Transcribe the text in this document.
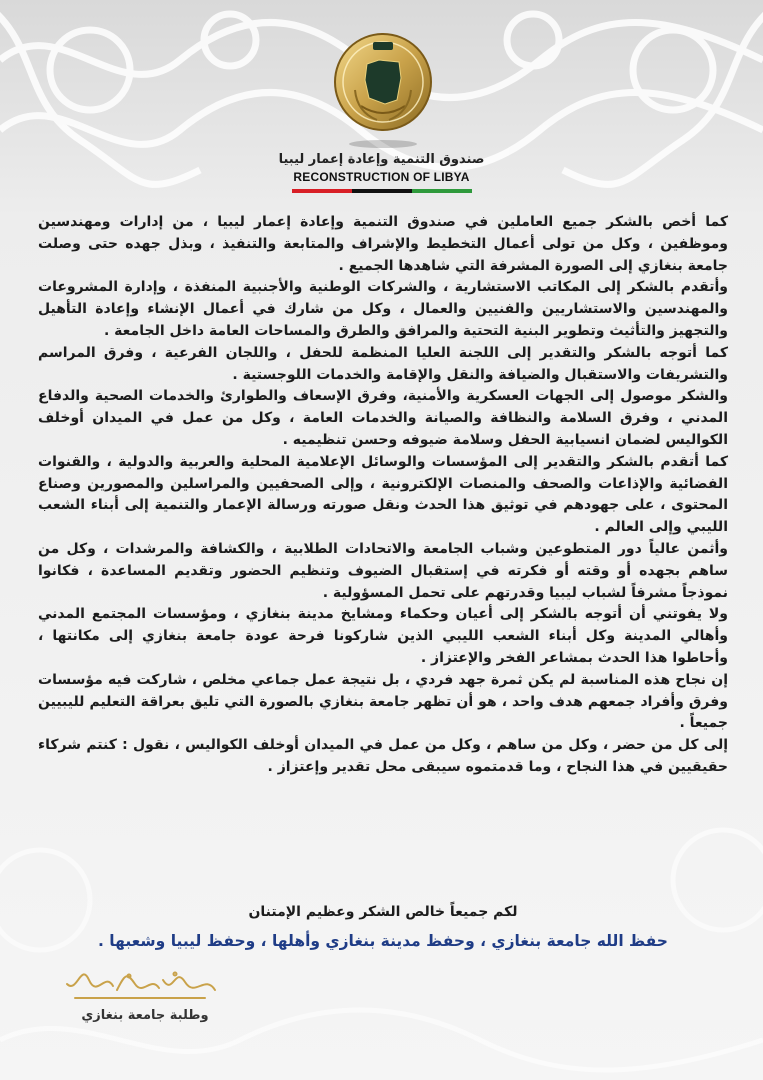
صندوق التنمية وإعادة إعمار ليبيا
RECONSTRUCTION OF LIBYA

كما أخص بالشكر جميع العاملين في صندوق التنمية وإعادة إعمار ليبيا ، من إدارات ومهندسين وموظفين ، وكل من تولى أعمال التخطيط والإشراف والمتابعة والتنفيذ ، وبذل جهده حتى وصلت جامعة بنغازي إلى الصورة المشرفة التي شاهدها الجميع .

وأتقدم بالشكر إلى المكاتب الاستشارية ، والشركات الوطنية والأجنبية المنفذة ، وإدارة المشروعات والمهندسين والاستشاريين والفنيين والعمال ، وكل من شارك في أعمال الإنشاء وإعادة التأهيل والتجهيز والتأثيث وتطوير البنية التحتية والمرافق والطرق والمساحات العامة داخل الجامعة .

كما أتوجه بالشكر والتقدير إلى اللجنة العليا المنظمة للحفل ، واللجان الفرعية ، وفرق المراسم والتشريفات والاستقبال والضيافة والنقل والإقامة والخدمات اللوجستية .

والشكر موصول إلى الجهات العسكرية والأمنية، وفرق الإسعاف والطوارئ والخدمات الصحية والدفاع المدني ، وفرق السلامة والنظافة والصيانة والخدمات العامة ، وكل من عمل في الميدان أوخلف الكواليس لضمان انسيابية الحفل وسلامة ضيوفه وحسن تنظيميه .

كما أتقدم بالشكر والتقدير إلى المؤسسات والوسائل الإعلامية المحلية والعربية والدولية ، والقنوات الفضائية والإذاعات والصحف والمنصات الإلكترونية ، وإلى الصحفيين والمراسلين والمصورين وصناع المحتوى ، على جهودهم في توثيق هذا الحدث ونقل صورته ورسالة الإعمار والتنمية إلى أبناء الشعب الليبي وإلى العالم .

وأثمن عالياً دور المتطوعين وشباب الجامعة والاتحادات الطلابية ، والكشافة والمرشدات ، وكل من ساهم بجهده أو وقته أو فكرته في إستقبال الضيوف وتنظيم الحضور وتقديم المساعدة ، فكانوا نموذجاً مشرفاً لشباب ليبيا وقدرتهم على تحمل المسؤولية .

ولا يفوتني أن أتوجه بالشكر إلى أعيان وحكماء ومشايخ مدينة بنغازي ، ومؤسسات المجتمع المدني وأهالي المدينة وكل أبناء الشعب الليبي الذين شاركونا فرحة عودة جامعة بنغازي إلى مكانتها ، وأحاطوا هذا الحدث بمشاعر الفخر والإعتزاز .

إن نجاح هذه المناسبة لم يكن ثمرة جهد فردي ، بل نتيجة عمل جماعي مخلص ، شاركت فيه مؤسسات وفرق وأفراد جمعهم هدف واحد ، هو أن تظهر جامعة بنغازي بالصورة التي تليق بعراقة التعليم لليبيين جميعاً .

إلى كل من حضر ، وكل من ساهم ، وكل من عمل في الميدان أوخلف الكواليس ، نقول : كنتم شركاء حقيقيين في هذا النجاح ، وما قدمتموه سيبقى محل تقدير وإعتزاز .

لكم جميعاً خالص الشكر وعظيم الإمتنان
حفظ الله جامعة بنغازي ، وحفظ مدينة بنغازي وأهلها ، وحفظ ليبيا وشعبها .
وطلبة جامعة بنغازي
